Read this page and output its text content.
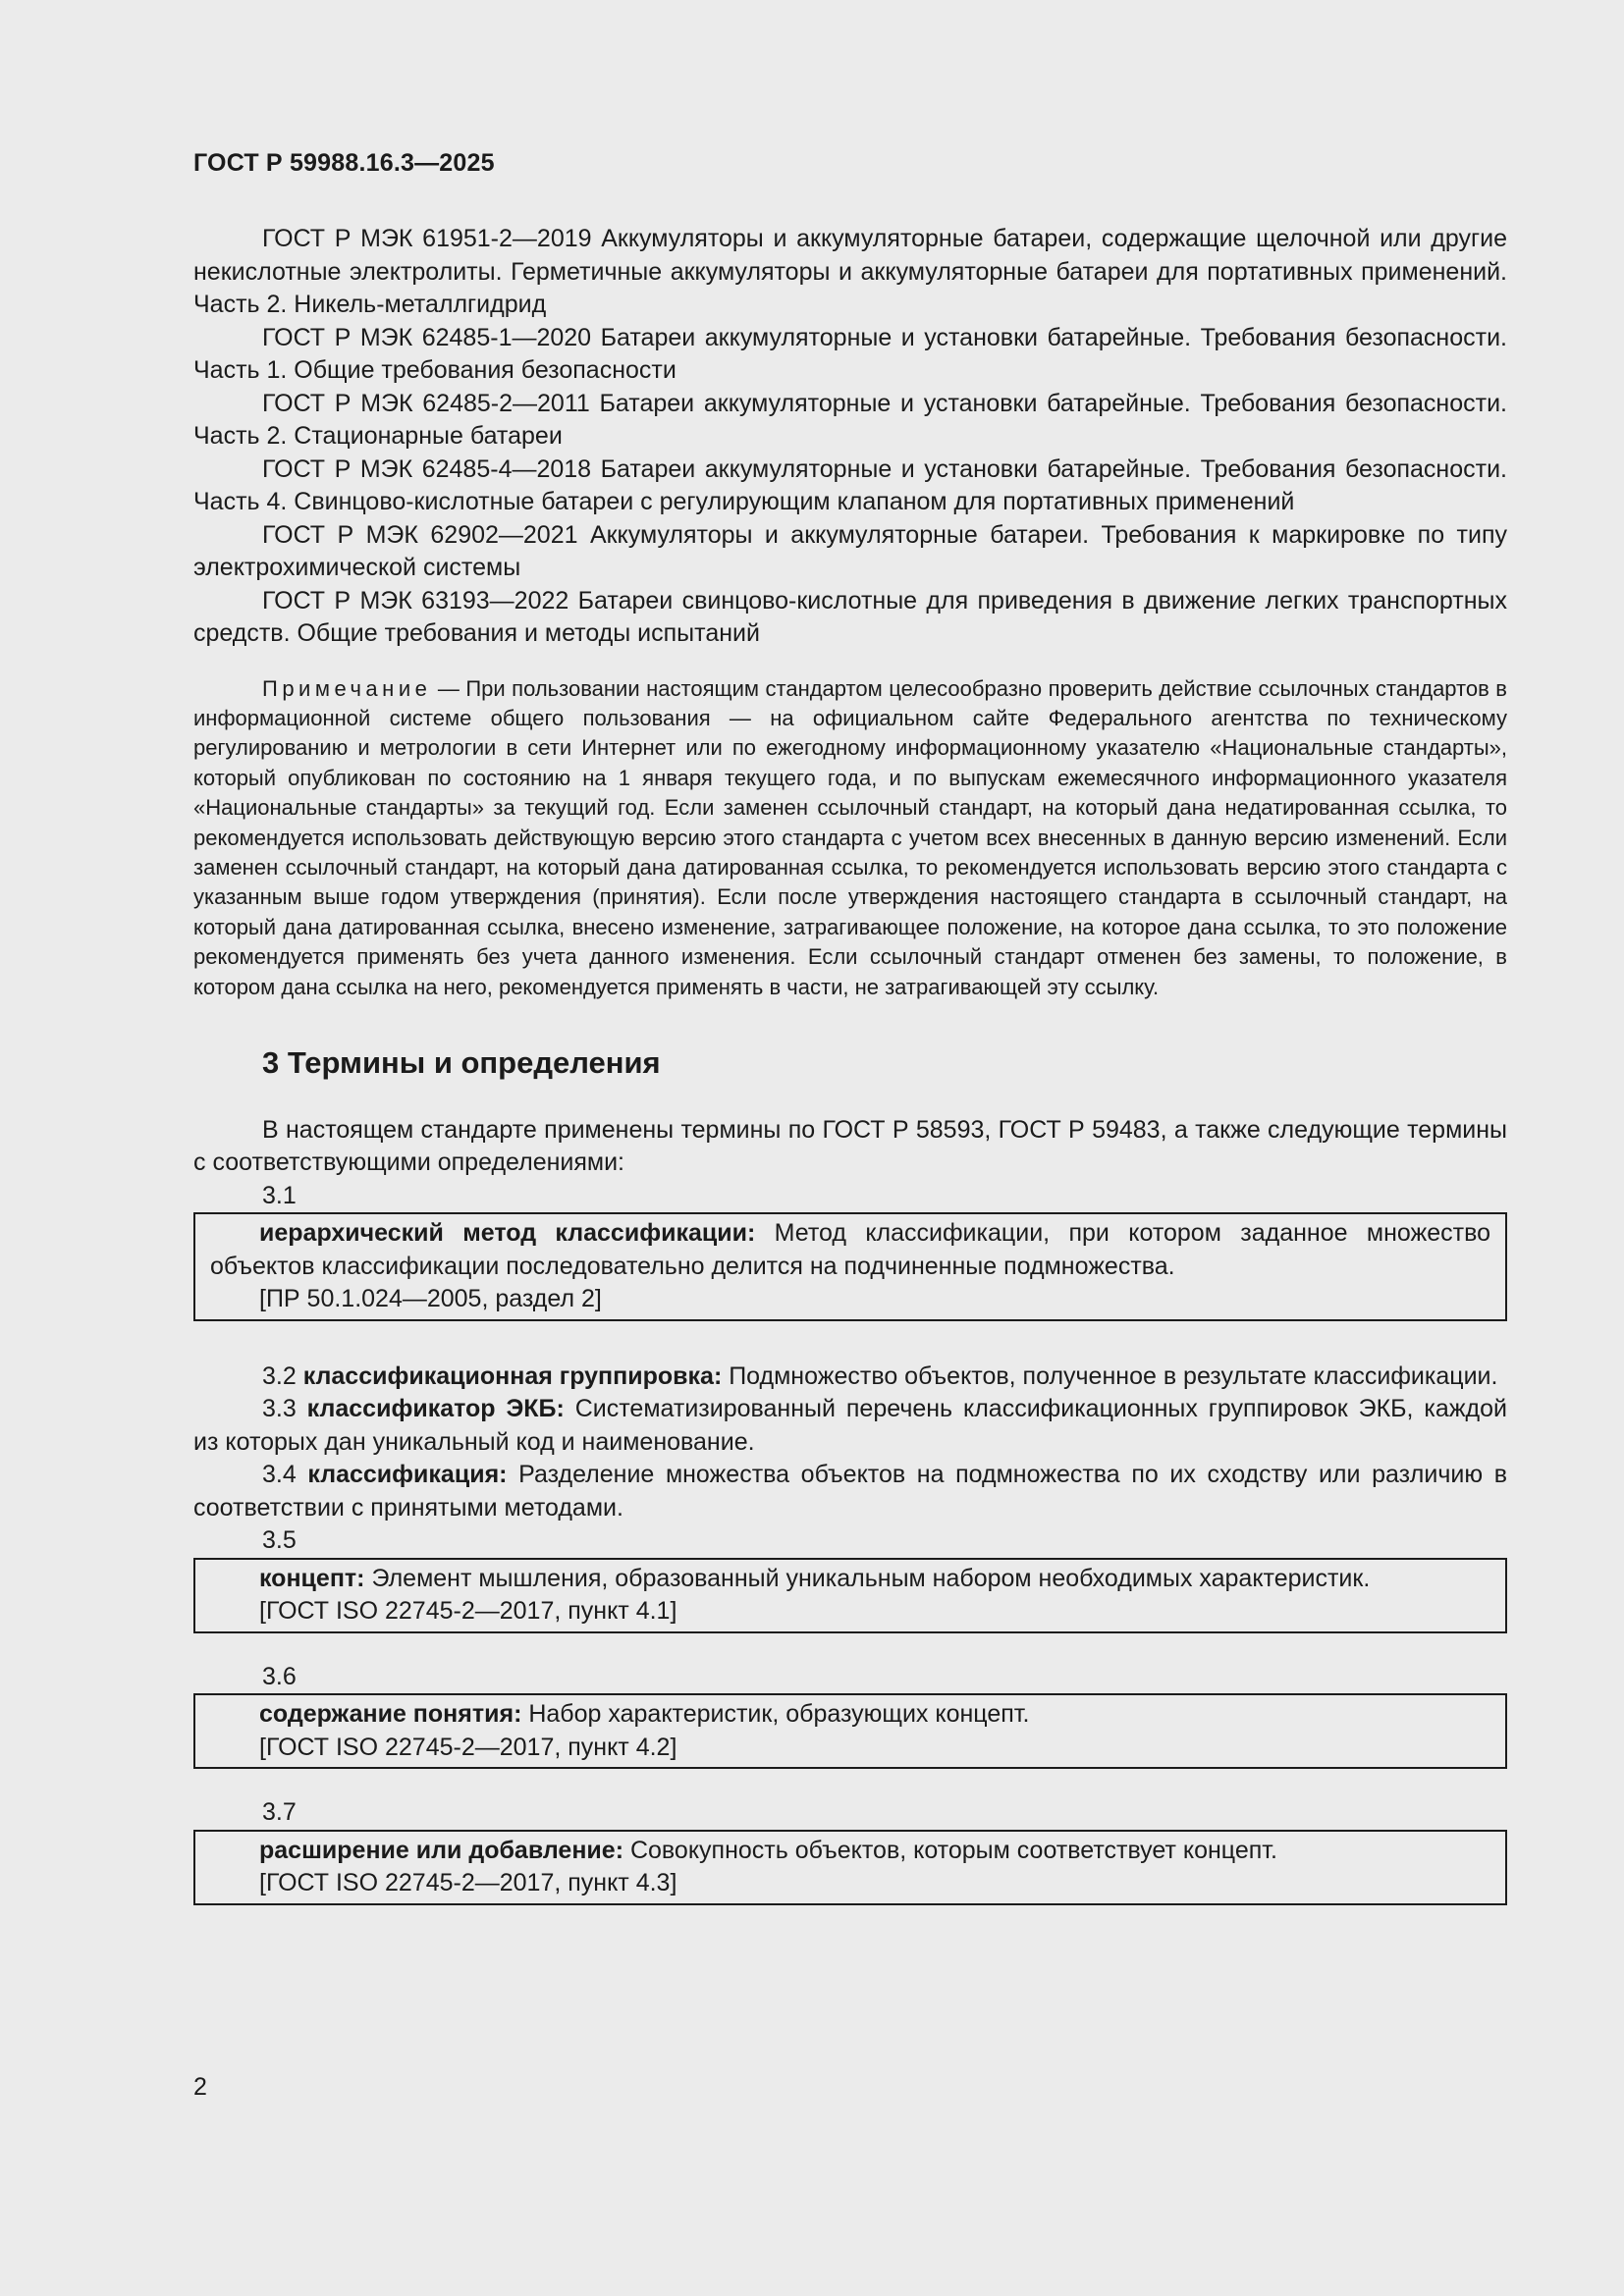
ГОСТ Р 59988.16.3—2025

ГОСТ Р МЭК 61951-2—2019 Аккумуляторы и аккумуляторные батареи, содержащие щелочной или другие некислотные электролиты. Герметичные аккумуляторы и аккумуляторные батареи для портативных применений. Часть 2. Никель-металлгидрид

ГОСТ Р МЭК 62485-1—2020 Батареи аккумуляторные и установки батарейные. Требования безопасности. Часть 1. Общие требования безопасности

ГОСТ Р МЭК 62485-2—2011 Батареи аккумуляторные и установки батарейные. Требования безопасности. Часть 2. Стационарные батареи

ГОСТ Р МЭК 62485-4—2018 Батареи аккумуляторные и установки батарейные. Требования безопасности. Часть 4. Свинцово-кислотные батареи с регулирующим клапаном для портативных применений

ГОСТ Р МЭК 62902—2021 Аккумуляторы и аккумуляторные батареи. Требования к маркировке по типу электрохимической системы

ГОСТ Р МЭК 63193—2022 Батареи свинцово-кислотные для приведения в движение легких транспортных средств. Общие требования и методы испытаний

Примечание — При пользовании настоящим стандартом целесообразно проверить действие ссылочных стандартов в информационной системе общего пользования — на официальном сайте Федерального агентства по техническому регулированию и метрологии в сети Интернет или по ежегодному информационному указателю «Национальные стандарты», который опубликован по состоянию на 1 января текущего года, и по выпускам ежемесячного информационного указателя «Национальные стандарты» за текущий год. Если заменен ссылочный стандарт, на который дана недатированная ссылка, то рекомендуется использовать действующую версию этого стандарта с учетом всех внесенных в данную версию изменений. Если заменен ссылочный стандарт, на который дана датированная ссылка, то рекомендуется использовать версию этого стандарта с указанным выше годом утверждения (принятия). Если после утверждения настоящего стандарта в ссылочный стандарт, на который дана датированная ссылка, внесено изменение, затрагивающее положение, на которое дана ссылка, то это положение рекомендуется применять без учета данного изменения. Если ссылочный стандарт отменен без замены, то положение, в котором дана ссылка на него, рекомендуется применять в части, не затрагивающей эту ссылку.

3 Термины и определения

В настоящем стандарте применены термины по ГОСТ Р 58593, ГОСТ Р 59483, а также следующие термины с соответствующими определениями:

3.1

иерархический метод классификации: Метод классификации, при котором заданное множество объектов классификации последовательно делится на подчиненные подмножества.

[ПР 50.1.024—2005, раздел 2]

3.2 классификационная группировка: Подмножество объектов, полученное в результате классификации.

3.3 классификатор ЭКБ: Систематизированный перечень классификационных группировок ЭКБ, каждой из которых дан уникальный код и наименование.

3.4 классификация: Разделение множества объектов на подмножества по их сходству или различию в соответствии с принятыми методами.

3.5

концепт: Элемент мышления, образованный уникальным набором необходимых характеристик.

[ГОСТ ISO 22745-2—2017, пункт 4.1]

3.6

содержание понятия: Набор характеристик, образующих концепт.

[ГОСТ ISO 22745-2—2017, пункт 4.2]

3.7

расширение или добавление: Совокупность объектов, которым соответствует концепт.

[ГОСТ ISO 22745-2—2017, пункт 4.3]

2
